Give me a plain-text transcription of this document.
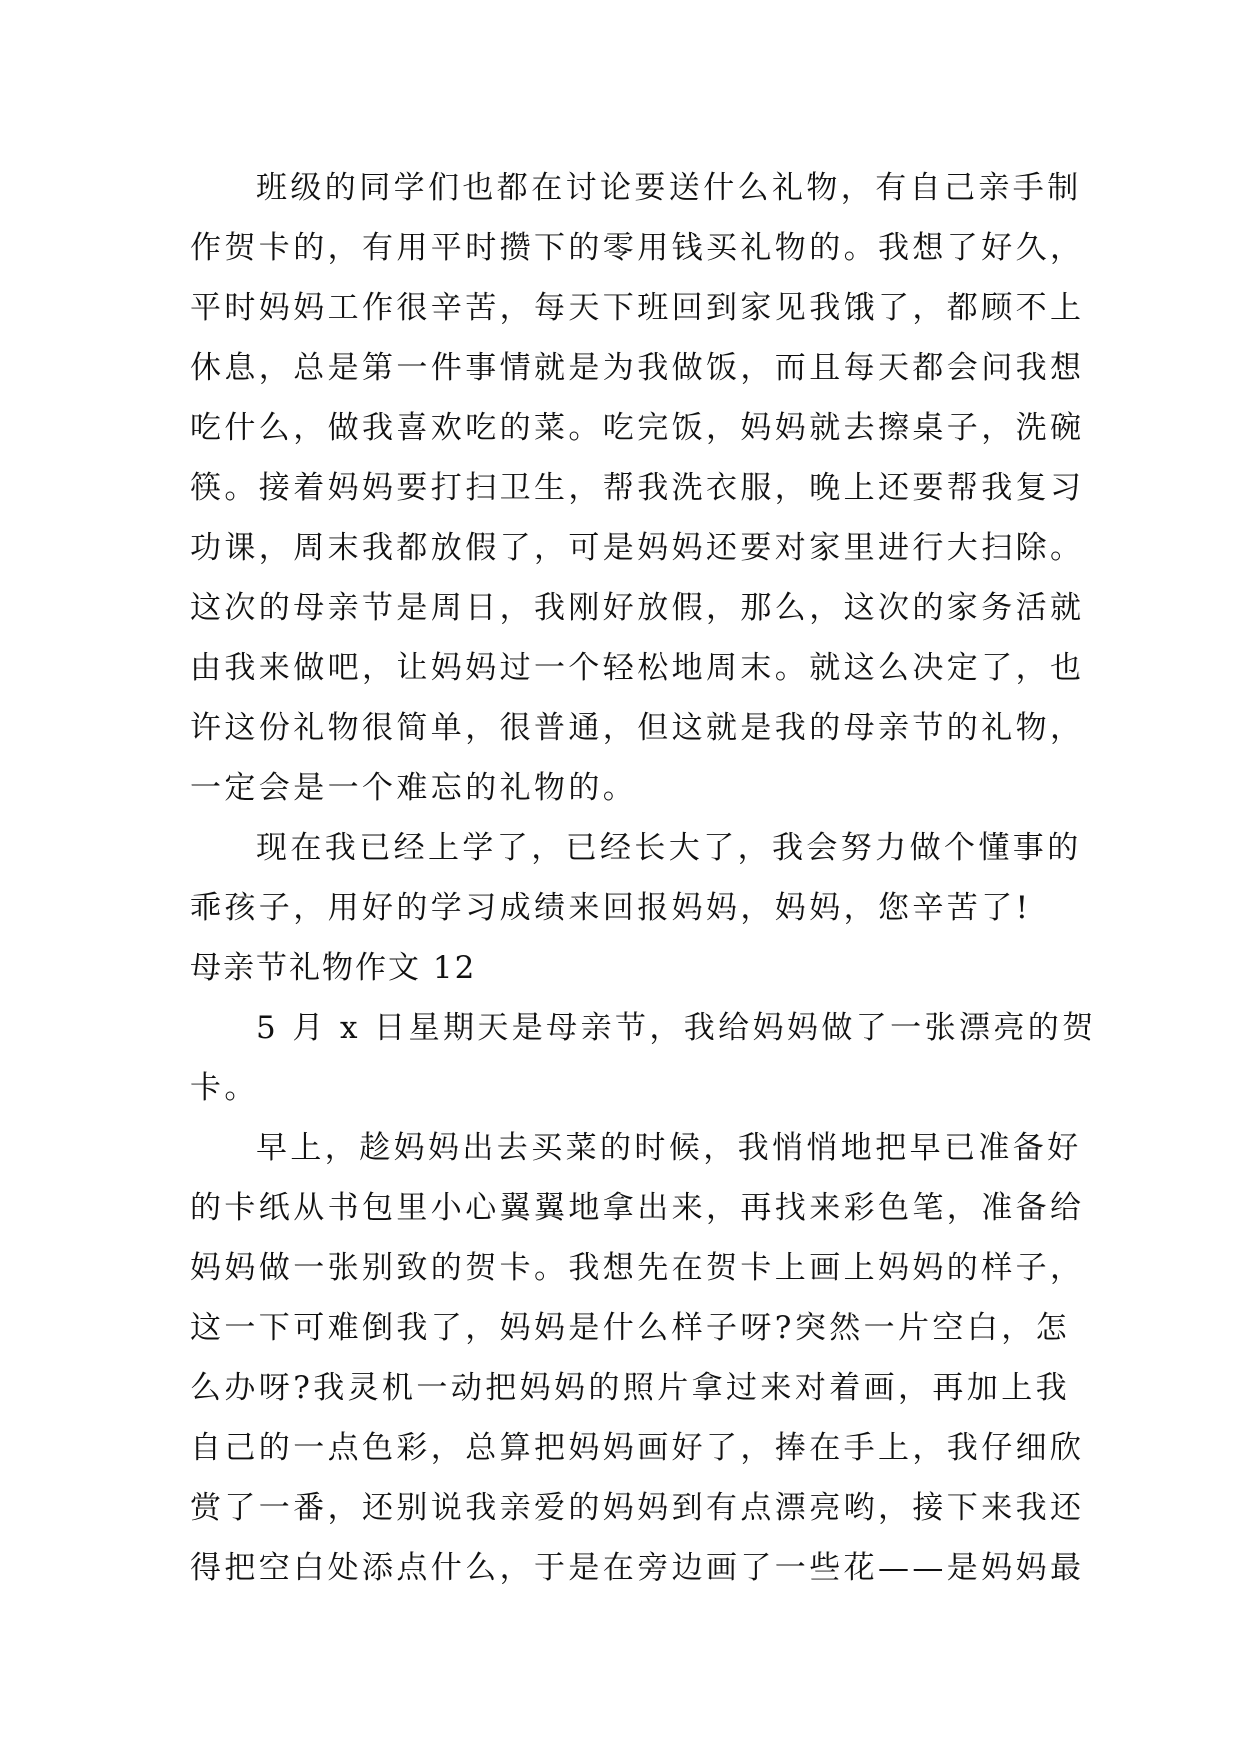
班级的同学们也都在讨论要送什么礼物，有自己亲手制
作贺卡的，有用平时攒下的零用钱买礼物的。我想了好久，
平时妈妈工作很辛苦，每天下班回到家见我饿了，都顾不上
休息，总是第一件事情就是为我做饭，而且每天都会问我想
吃什么，做我喜欢吃的菜。吃完饭，妈妈就去擦桌子，洗碗
筷。接着妈妈要打扫卫生，帮我洗衣服，晚上还要帮我复习
功课，周末我都放假了，可是妈妈还要对家里进行大扫除。
这次的母亲节是周日，我刚好放假，那么，这次的家务活就
由我来做吧，让妈妈过一个轻松地周末。就这么决定了，也
许这份礼物很简单，很普通，但这就是我的母亲节的礼物，
一定会是一个难忘的礼物的。
现在我已经上学了，已经长大了，我会努力做个懂事的
乖孩子，用好的学习成绩来回报妈妈，妈妈，您辛苦了!
母亲节礼物作文 12
5 月 x 日星期天是母亲节，我给妈妈做了一张漂亮的贺
卡。
早上，趁妈妈出去买菜的时候，我悄悄地把早已准备好
的卡纸从书包里小心翼翼地拿出来，再找来彩色笔，准备给
妈妈做一张别致的贺卡。我想先在贺卡上画上妈妈的样子，
这一下可难倒我了，妈妈是什么样子呀?突然一片空白，怎
么办呀?我灵机一动把妈妈的照片拿过来对着画，再加上我
自己的一点色彩，总算把妈妈画好了，捧在手上，我仔细欣
赏了一番，还别说我亲爱的妈妈到有点漂亮哟，接下来我还
得把空白处添点什么，于是在旁边画了一些花——是妈妈最
